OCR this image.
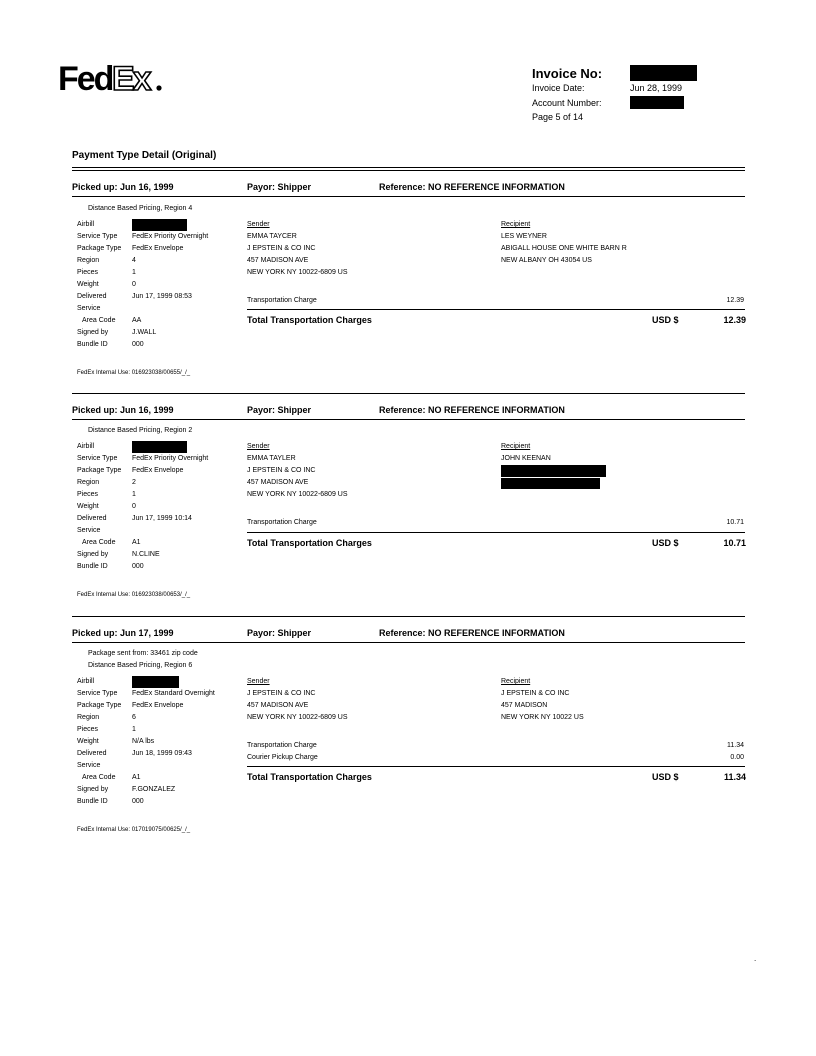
Fed Ex	Invoice No:
Invoice Date:	Jun 28, 1999
Account Number:
Page 5 of 14
Payment Type Detail (Original)
Picked up: Jun 16, 1999	Payor: Shipper	Reference: NO REFERENCE INFORMATION
Distance Based Pricing, Region 4
Airbill
Service Type FedEx Priority Overnight
Package Type FedEx Envelope
Region	4
Pieces	1
Weight	0
Delivered	Jun 17, 1999 08:53
Service
Area Code AA
Signed by	J.WALL
Bundle ID	000
Sender
EMMA TAYCER
J EPSTEIN & CO INC
457 MADISON AVE
NEW YORK NY 10022-6809 US
Recipient
LES WEYNER
ABIGALL HOUSE ONE WHITE BARN R
NEW ALBANY OH 43054 US
Transportation Charge	12.39
Total Transportation Charges	USD $	12.39
FedEx Internal Use: 016923038/00655/_/_
Picked up: Jun 16, 1999	Payor: Shipper	Reference: NO REFERENCE INFORMATION
Distance Based Pricing, Region 2
Airbill
Service Type FedEx Priority Overnight
Package Type FedEx Envelope
Region	2
Pieces	1
Weight	0
Delivered	Jun 17, 1999 10:14
Service
Area Code A1
Signed by	N.CLINE
Bundle ID	000
Sender
EMMA TAYLER
J EPSTEIN & CO INC
457 MADISON AVE
NEW YORK NY 10022-6809 US
Recipient
JOHN KEENAN
Transportation Charge	10.71
Total Transportation Charges	USD $	10.71
FedEx Internal Use: 016923038/00653/_/_
Picked up: Jun 17, 1999	Payor: Shipper	Reference: NO REFERENCE INFORMATION
Package sent from: 33461 zip code
Distance Based Pricing, Region 6
Airbill
Service Type FedEx Standard Overnight
Package Type FedEx Envelope
Region	6
Pieces	1
Weight	N/A lbs
Delivered	Jun 18, 1999 09:43
Service
Area Code A1
Signed by	F.GONZALEZ
Bundle ID	000
Sender
J EPSTEIN & CO INC
457 MADISON AVE
NEW YORK NY 10022-6809 US
Recipient
J EPSTEIN & CO INC
457 MADISON
NEW YORK NY 10022 US
Transportation Charge	11.34
Courier Pickup Charge	0.00
Total Transportation Charges	USD $	11.34
FedEx Internal Use: 017019075/00625/_/_
.
